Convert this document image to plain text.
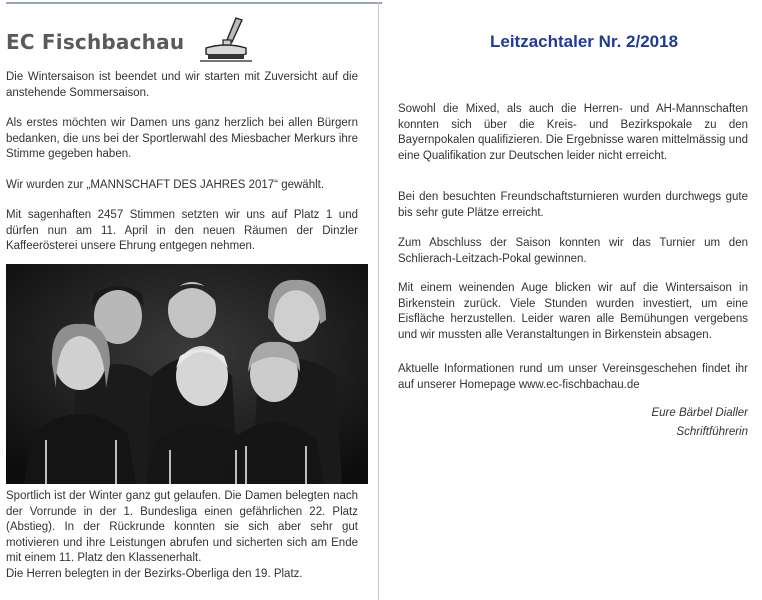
EC Fischbachau	Leitzachtaler Nr. 2/2018

Die Wintersaison ist beendet und wir starten mit Zuversicht auf die anstehende Sommersaison.

Als erstes möchten wir Damen uns ganz herzlich bei allen Bürgern bedanken, die uns bei der Sportlerwahl des Miesbacher Merkurs ihre Stimme gegeben haben.

Wir wurden zur „MANNSCHAFT DES JAHRES 2017“ gewählt.

Mit sagenhaften 2457 Stimmen setzten wir uns auf Platz 1 und dürfen nun am 11. April in den neuen Räumen der Dinzler Kaffeerösterei unsere Ehrung entgegen nehmen.

Sportlich ist der Winter ganz gut gelaufen. Die Damen belegten nach der Vorrunde in der 1. Bundesliga einen gefährlichen 22. Platz (Abstieg). In der Rückrunde konnten sie sich aber sehr gut motivieren und ihre Leistungen abrufen und sicherten sich am Ende mit einem 11. Platz den Klassenerhalt.

Die Herren belegten in der Bezirks-Oberliga den 19. Platz.

Sowohl die Mixed, als auch die Herren- und AH-Mannschaften konnten sich über die Kreis- und Bezirkspokale zu den Bayernpokalen qualifizieren. Die Ergebnisse waren mittelmässig und eine Qualifikation zur Deutschen leider nicht erreicht.

Bei den besuchten Freundschaftsturnieren wurden durchwegs gute bis sehr gute Plätze erreicht.

Zum Abschluss der Saison konnten wir das Turnier um den Schlierach-Leitzach-Pokal gewinnen.

Mit einem weinenden Auge blicken wir auf die Wintersaison in Birkenstein zurück. Viele Stunden wurden investiert, um eine Eisfläche herzustellen. Leider waren alle Bemühungen vergebens und wir mussten alle Veranstaltungen in Birkenstein absagen.

Aktuelle Informationen rund um unser Vereinsgeschehen findet ihr auf unserer Homepage www.ec-fischbachau.de

Eure Bärbel Dialler
Schriftführerin
